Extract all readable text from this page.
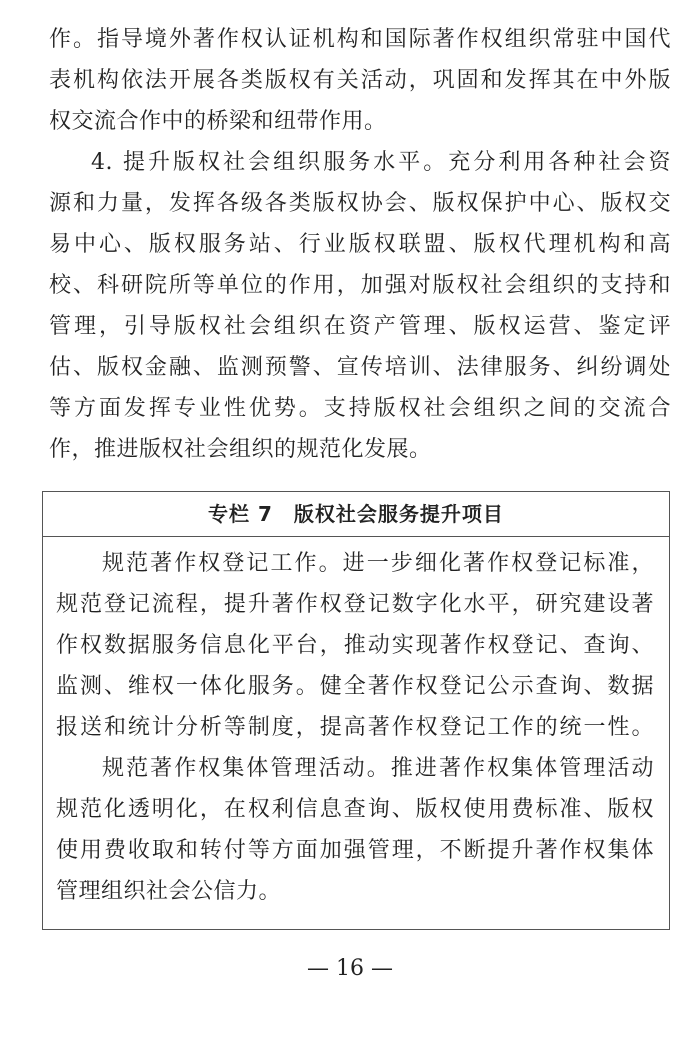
作。指导境外著作权认证机构和国际著作权组织常驻中国代
表机构依法开展各类版权有关活动，巩固和发挥其在中外版
权交流合作中的桥梁和纽带作用。
4. 提升版权社会组织服务水平。充分利用各种社会资
源和力量，发挥各级各类版权协会、版权保护中心、版权交
易中心、版权服务站、行业版权联盟、版权代理机构和高
校、科研院所等单位的作用，加强对版权社会组织的支持和
管理，引导版权社会组织在资产管理、版权运营、鉴定评
估、版权金融、监测预警、宣传培训、法律服务、纠纷调处
等方面发挥专业性优势。支持版权社会组织之间的交流合
作，推进版权社会组织的规范化发展。
专栏 7　版权社会服务提升项目
规范著作权登记工作。进一步细化著作权登记标准，
规范登记流程，提升著作权登记数字化水平，研究建设著
作权数据服务信息化平台，推动实现著作权登记、查询、
监测、维权一体化服务。健全著作权登记公示查询、数据
报送和统计分析等制度，提高著作权登记工作的统一性。
规范著作权集体管理活动。推进著作权集体管理活动
规范化透明化，在权利信息查询、版权使用费标准、版权
使用费收取和转付等方面加强管理，不断提升著作权集体
管理组织社会公信力。
— 16 —
